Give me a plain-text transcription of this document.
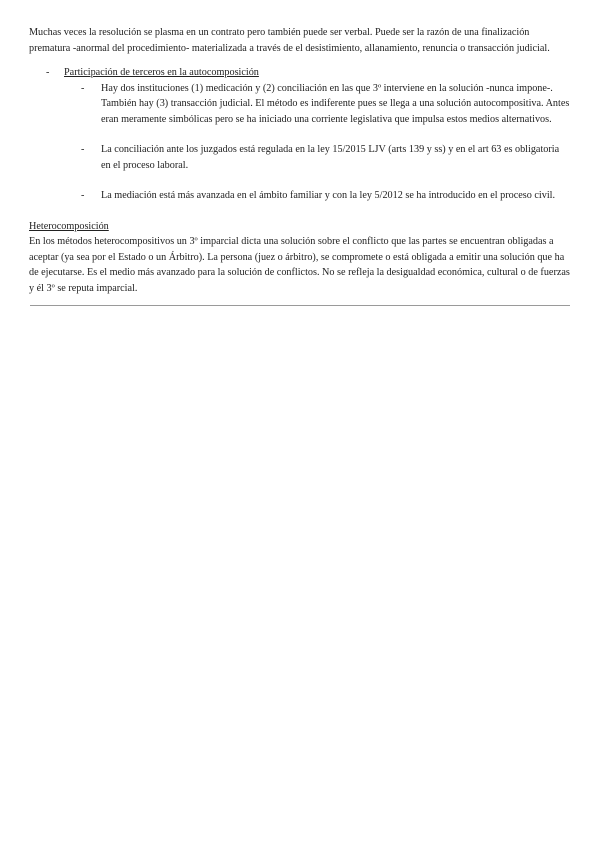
Muchas veces la resolución se plasma en un contrato pero también puede ser verbal. Puede ser la razón de una finalización prematura -anormal del procedimiento- materializada a través de el desistimiento, allanamiento, renuncia o transacción judicial.

- Participación de terceros en la autocomposición
- Hay dos instituciones (1) medicación y (2) conciliación en las que 3º interviene en la solución -nunca impone-. También hay (3) transacción judicial. El método es indiferente pues se llega a una solución autocompositiva. Antes eran meramente simbólicas pero se ha iniciado una corriente legislativa que impulsa estos medios alternativos.
- La conciliación ante los juzgados está regulada en la ley 15/2015 LJV (arts 139 y ss) y en el art 63 es obligatoria en el proceso laboral.
- La mediación está más avanzada en el ámbito familiar y con la ley 5/2012 se ha introducido en el proceso civil.

Heterocomposición

En los métodos heterocompositivos un 3º imparcial dicta una solución sobre el conflicto que las partes se encuentran obligadas a aceptar (ya sea por el Estado o un Árbitro). La persona (juez o árbitro), se compromete o está obligada a emitir una solución que ha de ejecutarse. Es el medio más avanzado para la solución de conflictos. No se refleja la desigualdad económica, cultural o de fuerzas y él 3º se reputa imparcial.
